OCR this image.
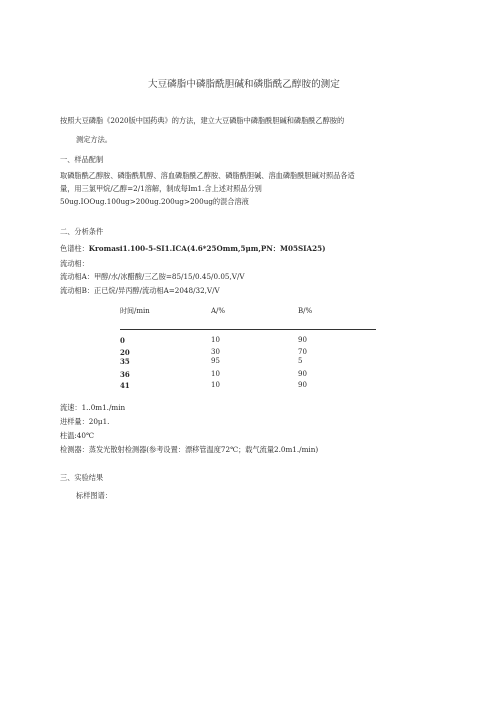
大豆磷脂中磷脂酰胆碱和磷脂酰乙醇胺的测定
按照大豆磷脂《2020版中国药典》的方法，建立大豆磷脂中磷脂酰胆碱和磷脂酰乙醇胺的
测定方法。
一、样品配制
取磷脂酰乙醇胺、磷脂酰肌醇、溶血磷脂酰乙醇胺、磷脂酰胆碱、溶血磷脂酰胆碱对照品各适
量，用三氯甲烷/乙醇=2/1溶解，制成每Im1.含上述对照品分别
50ug.IOOug.100ug>200ug.200ug>200ug的混合溶液
二、分析条件
色谱柱：Kromasi1.100-5-SI1.ICA(4.6*25Omm,5μm,PN：M05SIA25)
流动相：
流动相A：甲醇/水/冰醋酸/三乙胺=85/15/0.45/0.05,V/V
流动相B：正已烷/异丙醇/流动相A=2048/32,V/V
时间/min	A/%	B/%
0	10	90
20	30	70
35	95	5
36	10	90
41	10	90
流速：1..0m1./min
进样量：20μ1.
柱温:40℃
检测器：蒸发光散射检测器(参考设置：漂移管温度72℃；载气流量2.0m1./min)
三、实验结果
标样图谱：
